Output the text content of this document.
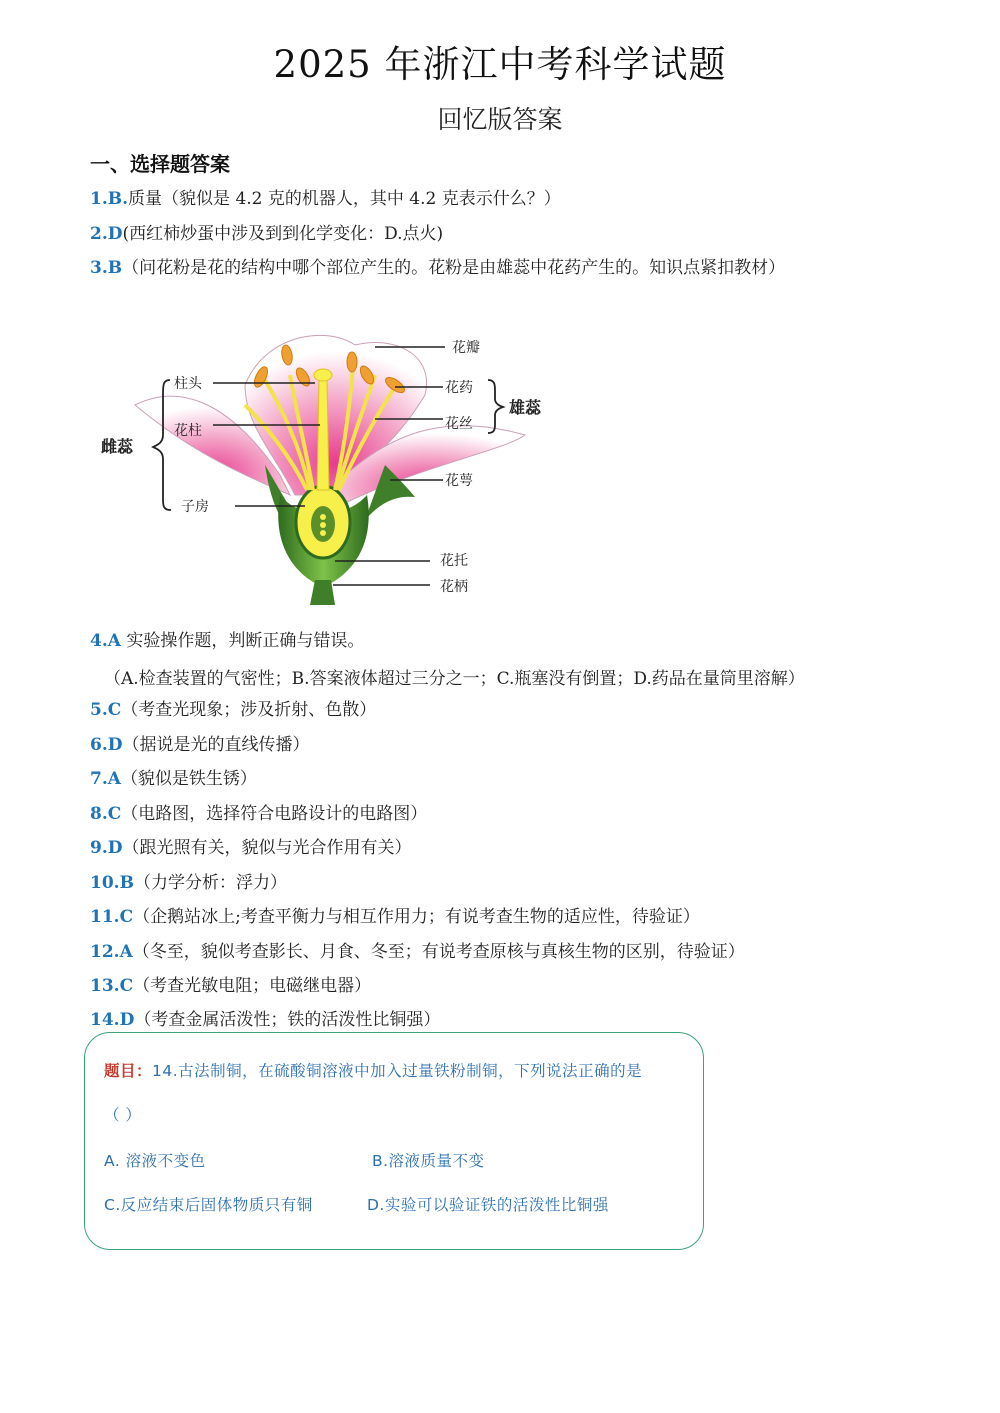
2025 年浙江中考科学试题
回忆版答案
一、选择题答案
1.B.质量（貌似是 4.2 克的机器人，其中 4.2 克表示什么？）
2.D(西红柿炒蛋中涉及到到化学变化：D.点火)
3.B（问花粉是花的结构中哪个部位产生的。花粉是由雄蕊中花药产生的。知识点紧扣教材）
花瓣
柱头	花药
雄蕊
花柱	花丝
雌蕊
花萼
子房
花托
花柄
4.A 实验操作题，判断正确与错误。
（A.检查装置的气密性；B.答案液体超过三分之一；C.瓶塞没有倒置；D.药品在量筒里溶解）
5.C（考查光现象；涉及折射、色散）
6.D（据说是光的直线传播）
7.A（貌似是铁生锈）
8.C（电路图，选择符合电路设计的电路图）
9.D（跟光照有关，貌似与光合作用有关）
10.B（力学分析：浮力）
11.C（企鹅站冰上;考查平衡力与相互作用力；有说考查生物的适应性，待验证）
12.A（冬至，貌似考查影长、月食、冬至；有说考查原核与真核生物的区别，待验证）
13.C（考查光敏电阻；电磁继电器）
14.D（考查金属活泼性；铁的活泼性比铜强）
题目：14.古法制铜，在硫酸铜溶液中加入过量铁粉制铜，下列说法正确的是
（ ）
A. 溶液不变色	B.溶液质量不变
C.反应结束后固体物质只有铜	D.实验可以验证铁的活泼性比铜强
